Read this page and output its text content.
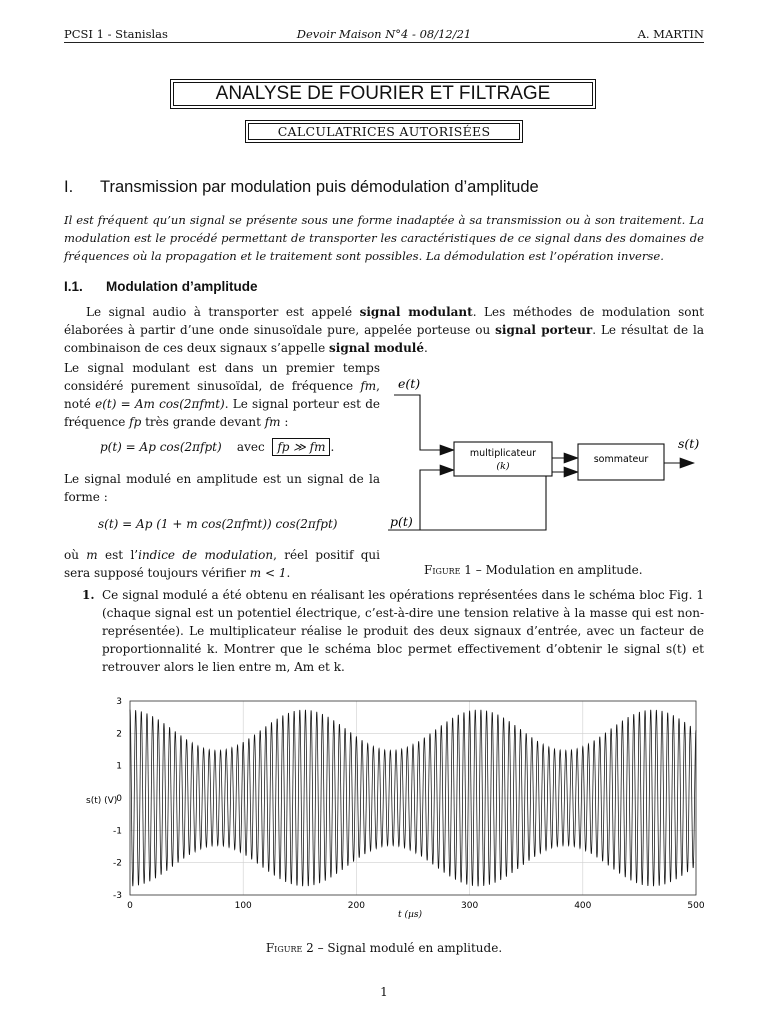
PCSI 1 - Stanislas	Devoir Maison N°4 - 08/12/21	A. MARTIN
ANALYSE DE FOURIER ET FILTRAGE
CALCULATRICES AUTORISÉES
I. Transmission par modulation puis démodulation d’amplitude
Il est fréquent qu’un signal se présente sous une forme inadaptée à sa transmission ou à son traitement. La modulation est le procédé permettant de transporter les caractéristiques de ce signal dans des domaines de fréquences où la propagation et le traitement sont possibles. La démodulation est l’opération inverse.
I.1. Modulation d’amplitude
Le signal audio à transporter est appelé signal modulant. Les méthodes de modulation sont élaborées à partir d’une onde sinusoïdale pure, appelée porteuse ou signal porteur. Le résultat de la combinaison de ces deux signaux s’appelle signal modulé.
Le signal modulant est dans un premier temps considéré purement sinusoïdal, de fréquence fm, noté e(t) = Am cos(2πfmt). Le signal porteur est de fréquence fp très grande devant fm :
p(t) = Ap cos(2πfpt) avec fp ≫ fm .
Le signal modulé en amplitude est un signal de la forme :
s(t) = Ap (1 + m cos(2πfmt)) cos(2πfpt)
où m est l’indice de modulation, réel positif qui sera supposé toujours vérifier m < 1.
e(t)
p(t)
s(t)
multiplicateur
(k)
sommateur
Figure 1 – Modulation en amplitude.
1. Ce signal modulé a été obtenu en réalisant les opérations représentées dans le schéma bloc Fig. 1 (chaque signal est un potentiel électrique, c’est-à-dire une tension relative à la masse qui est non-représentée). Le multiplicateur réalise le produit des deux signaux d’entrée, avec un facteur de proportionnalité k. Montrer que le schéma bloc permet effectivement d’obtenir le signal s(t) et retrouver alors le lien entre m, Am et k.
0	100	200	300	400	500
3
2
1
0
-1
-2
-3
s(t) (V)
t (µs)
Figure 2 – Signal modulé en amplitude.
1
